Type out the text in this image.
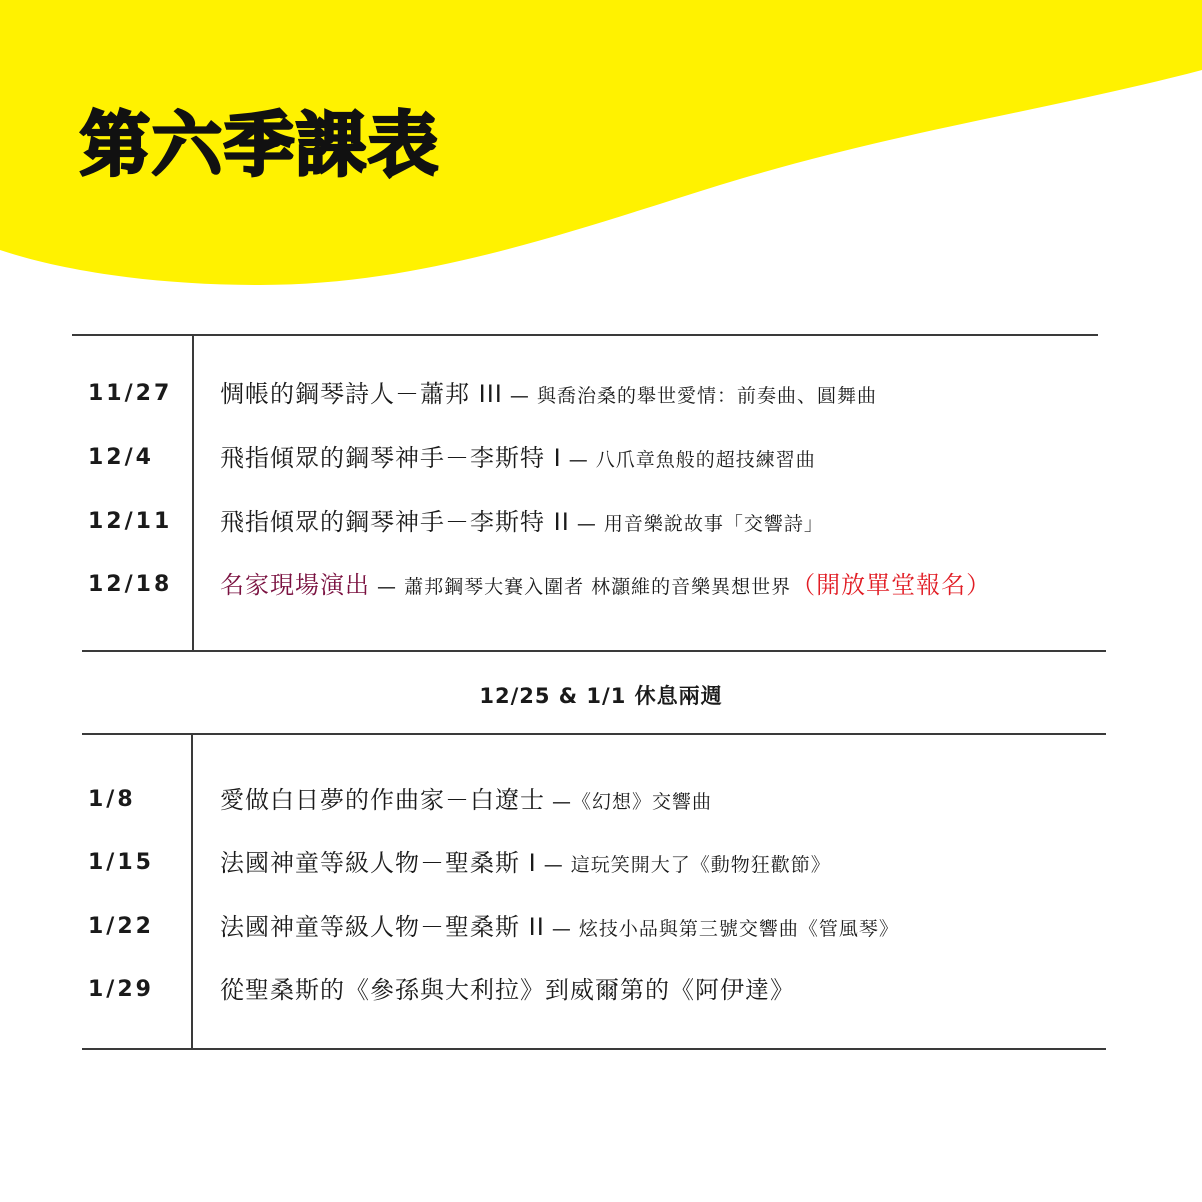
第六季課表
11/27 惆帳的鋼琴詩人－蕭邦 III — 與喬治桑的舉世愛情：前奏曲、圓舞曲
12/4	飛指傾眾的鋼琴神手－李斯特 I — 八爪章魚般的超技練習曲
12/11 飛指傾眾的鋼琴神手－李斯特 II — 用音樂說故事「交響詩」
12/18 名家現場演出 — 蕭邦鋼琴大賽入圍者 林灝維的音樂異想世界（開放單堂報名）
12/25 & 1/1 休息兩週
1/8	愛做白日夢的作曲家－白遼士 —《幻想》交響曲
1/15	法國神童等級人物－聖桑斯 I — 這玩笑開大了《動物狂歡節》
1/22	法國神童等級人物－聖桑斯 II — 炫技小品與第三號交響曲《管風琴》
1/29	從聖桑斯的《參孫與大利拉》到威爾第的《阿伊達》
